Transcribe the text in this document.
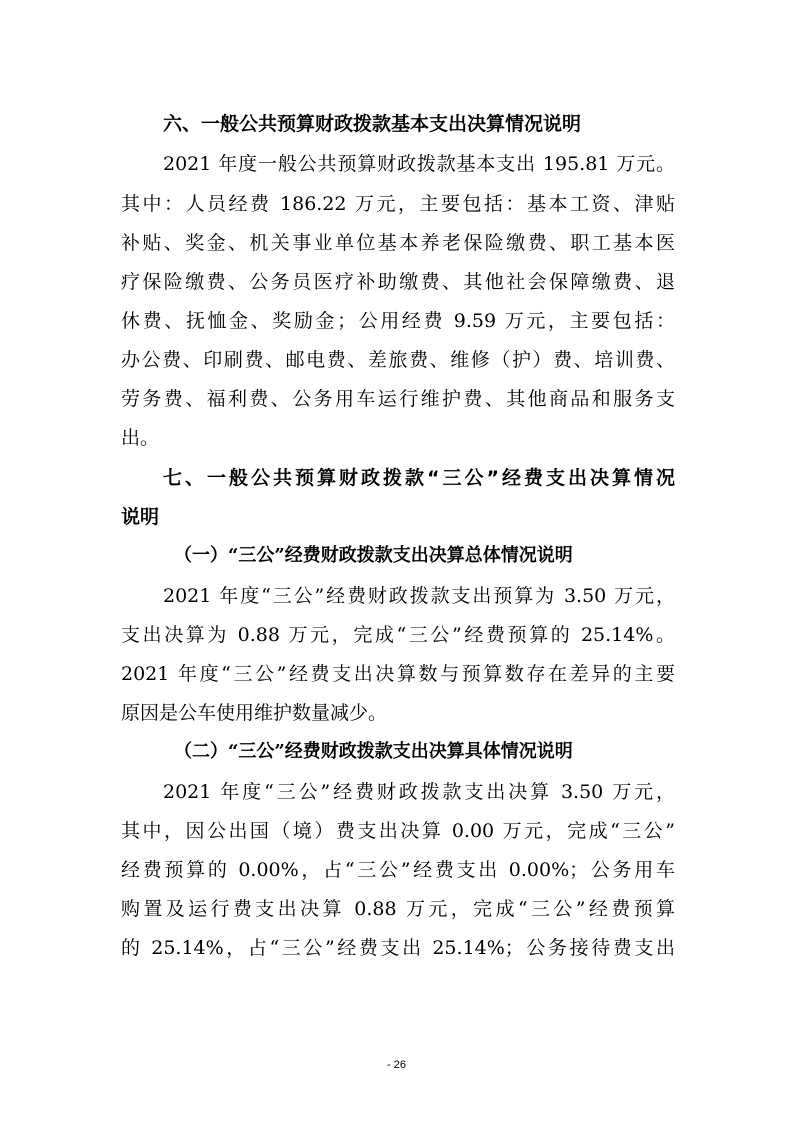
六、一般公共预算财政拨款基本支出决算情况说明
2021 年度一般公共预算财政拨款基本支出 195.81 万元。
其中：人员经费 186.22 万元，主要包括：基本工资、津贴
补贴、奖金、机关事业单位基本养老保险缴费、职工基本医
疗保险缴费、公务员医疗补助缴费、其他社会保障缴费、退
休费、抚恤金、奖励金；公用经费 9.59 万元，主要包括：
办公费、印刷费、邮电费、差旅费、维修（护）费、培训费、
劳务费、福利费、公务用车运行维护费、其他商品和服务支
出。
七、一般公共预算财政拨款“三公”经费支出决算情况
说明
（一）“三公”经费财政拨款支出决算总体情况说明
2021 年度“三公”经费财政拨款支出预算为 3.50 万元，
支出决算为 0.88 万元，完成“三公”经费预算的 25.14%。
2021 年度“三公”经费支出决算数与预算数存在差异的主要
原因是公车使用维护数量减少。
（二）“三公”经费财政拨款支出决算具体情况说明
2021 年度“三公”经费财政拨款支出决算 3.50 万元，
其中，因公出国（境）费支出决算 0.00 万元，完成“三公”
经费预算的 0.00%，占“三公”经费支出 0.00%；公务用车
购置及运行费支出决算 0.88 万元，完成“三公”经费预算
的 25.14%，占“三公”经费支出 25.14%；公务接待费支出
- 26
